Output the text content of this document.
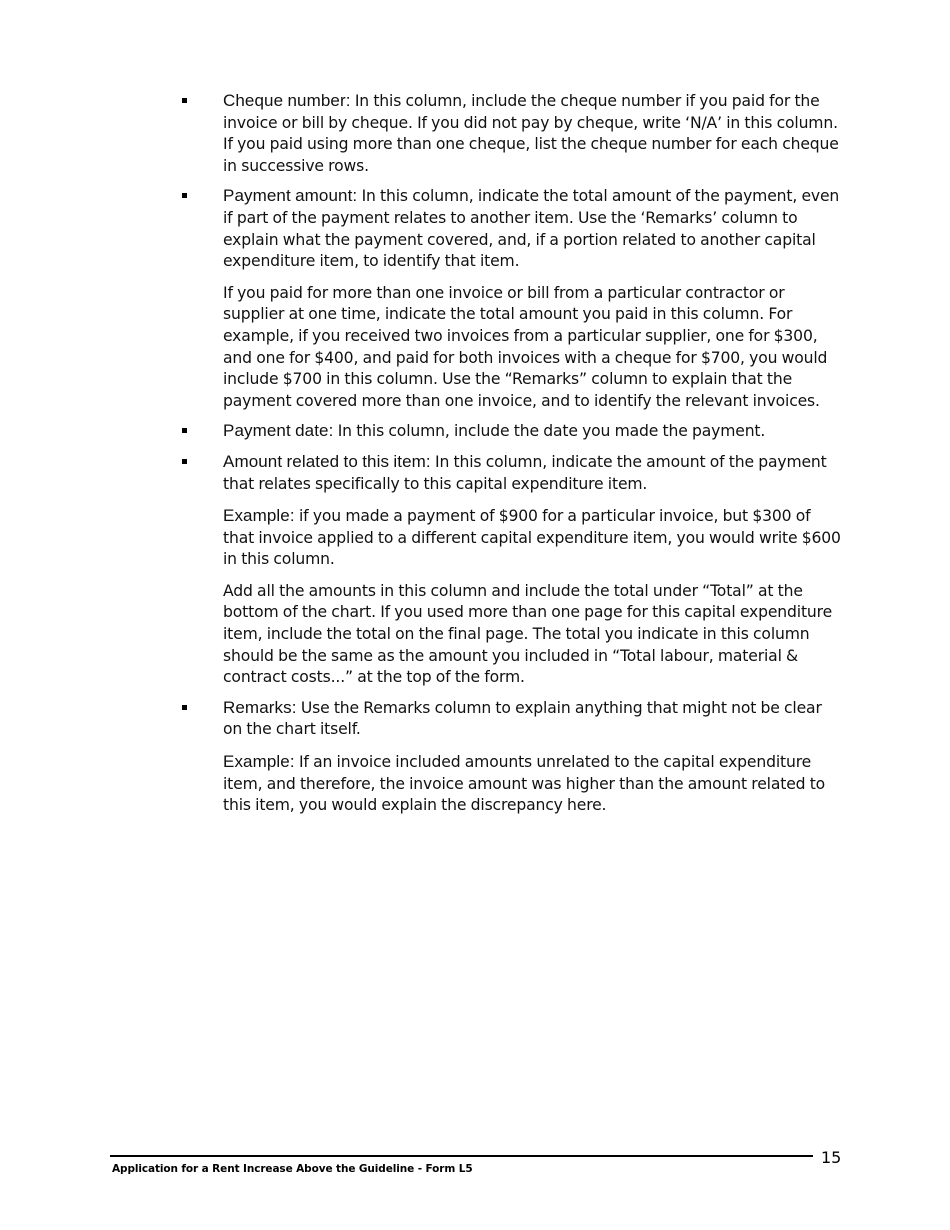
Cheque number: In this column, include the cheque number if you paid for the invoice or bill by cheque. If you did not pay by cheque, write ‘N/A’ in this column. If you paid using more than one cheque, list the cheque number for each cheque in successive rows.

Payment amount: In this column, indicate the total amount of the payment, even if part of the payment relates to another item. Use the ‘Remarks’ column to explain what the payment covered, and, if a portion related to another capital expenditure item, to identify that item.

If you paid for more than one invoice or bill from a particular contractor or supplier at one time, indicate the total amount you paid in this column. For example, if you received two invoices from a particular supplier, one for $300, and one for $400, and paid for both invoices with a cheque for $700, you would include $700 in this column. Use the “Remarks” column to explain that the payment covered more than one invoice, and to identify the relevant invoices.

Payment date: In this column, include the date you made the payment.

Amount related to this item: In this column, indicate the amount of the payment that relates specifically to this capital expenditure item.

Example: if you made a payment of $900 for a particular invoice, but $300 of that invoice applied to a different capital expenditure item, you would write $600 in this column.

Add all the amounts in this column and include the total under “Total” at the bottom of the chart. If you used more than one page for this capital expenditure item, include the total on the final page. The total you indicate in this column should be the same as the amount you included in “Total labour, material & contract costs...” at the top of the form.

Remarks: Use the Remarks column to explain anything that might not be clear on the chart itself.

Example: If an invoice included amounts unrelated to the capital expenditure item, and therefore, the invoice amount was higher than the amount related to this item, you would explain the discrepancy here.

Application for a Rent Increase Above the Guideline - Form L5
15
